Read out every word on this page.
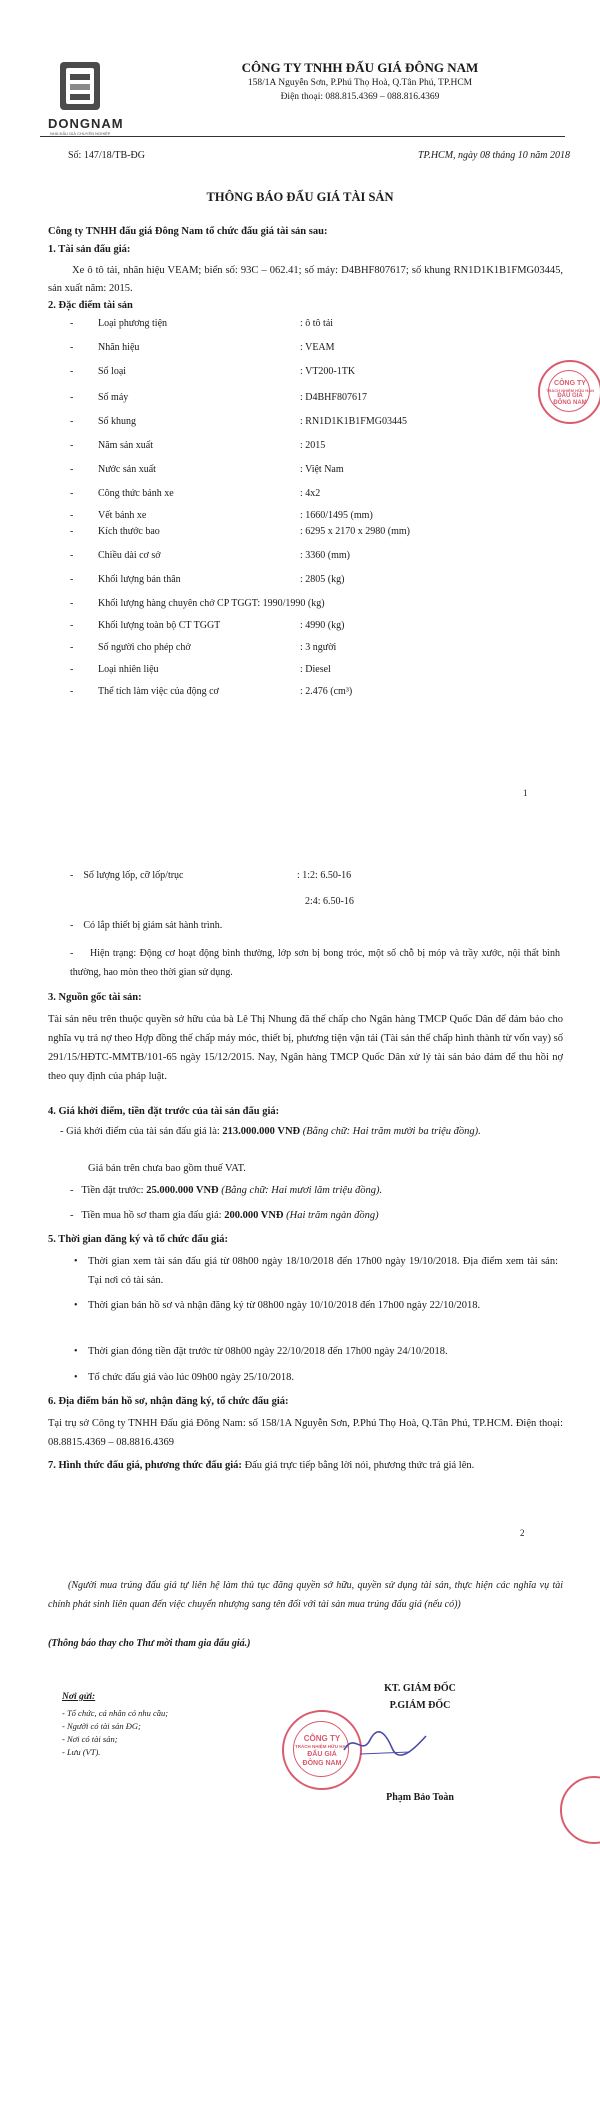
DONGNAM
NHÀ ĐẤU GIÁ CHUYÊN NGHIỆP
CÔNG TY TNHH ĐẤU GIÁ ĐÔNG NAM
158/1A Nguyễn Sơn, P.Phú Thọ Hoà, Q.Tân Phú, TP.HCM
Điện thoại: 088.815.4369 – 088.816.4369
Số: 147/18/TB-ĐG	TP.HCM, ngày 08 tháng 10 năm 2018
THÔNG BÁO ĐẤU GIÁ TÀI SẢN
Công ty TNHH đấu giá Đông Nam tổ chức đấu giá tài sản sau:
1. Tài sản đấu giá:
Xe ô tô tải, nhãn hiệu VEAM; biển số: 93C – 062.41; số máy: D4BHF807617; số khung RN1D1K1B1FMG03445, sản xuất năm: 2015.
2. Đặc điểm tài sản
- Loại phương tiện	: ô tô tải
- Nhãn hiệu	: VEAM
- Số loại	: VT200-1TK
- Số máy	: D4BHF807617
- Số khung	: RN1D1K1B1FMG03445
- Năm sản xuất	: 2015
- Nước sản xuất	: Việt Nam
- Công thức bánh xe	: 4x2
- Vết bánh xe	: 1660/1495 (mm)
- Kích thước bao	: 6295 x 2170 x 2980 (mm)
- Chiều dài cơ sở	: 3360 (mm)
- Khối lượng bản thân	: 2805 (kg)
- Khối lượng hàng chuyên chở CP TGGT: 1990/1990 (kg)
- Khối lượng toàn bộ CT TGGT	: 4990 (kg)
- Số người cho phép chở	: 3 người
- Loại nhiên liệu	: Diesel
- Thể tích làm việc của động cơ	: 2.476 (cm³)
CÔNG TY
TRÁCH NHIỆM HỮU HẠN
ĐẤU GIÁ
ĐÔNG NAM
1
-    Số lượng lốp, cỡ lốp/trục	: 1:2: 6.50-16
2:4: 6.50-16
-    Có lắp thiết bị giám sát hành trình.
- Hiện trạng: Động cơ hoạt động bình thường, lớp sơn bị bong tróc, một số chỗ bị móp và trầy xước, nội thất bình thường, hao mòn theo thời gian sử dụng.
3. Nguồn gốc tài sản:
Tài sản nêu trên thuộc quyền sở hữu của bà Lê Thị Nhung đã thế chấp cho Ngân hàng TMCP Quốc Dân để đảm bảo cho nghĩa vụ trả nợ theo Hợp đồng thế chấp máy móc, thiết bị, phương tiện vận tải (Tài sản thế chấp hình thành từ vốn vay) số 291/15/HĐTC-MMTB/101-65 ngày 15/12/2015. Nay, Ngân hàng TMCP Quốc Dân xử lý tài sản bảo đảm để thu hồi nợ theo quy định của pháp luật.
4. Giá khởi điểm, tiền đặt trước của tài sản đấu giá:
- Giá khởi điểm của tài sản đấu giá là: 213.000.000 VNĐ (Bằng chữ: Hai trăm mười ba triệu đồng).
Giá bán trên chưa bao gồm thuế VAT.
-   Tiền đặt trước: 25.000.000 VNĐ (Bằng chữ: Hai mươi lăm triệu đồng).
-   Tiền mua hồ sơ tham gia đấu giá: 200.000 VNĐ (Hai trăm ngàn đồng)
5. Thời gian đăng ký và tổ chức đấu giá:
• Thời gian xem tài sản đấu giá từ 08h00 ngày 18/10/2018 đến 17h00 ngày 19/10/2018. Địa điểm xem tài sản: Tại nơi có tài sản.
• Thời gian bán hồ sơ và nhận đăng ký từ 08h00 ngày 10/10/2018 đến 17h00 ngày 22/10/2018.
• Thời gian đóng tiền đặt trước từ 08h00 ngày 22/10/2018 đến 17h00 ngày 24/10/2018.
• Tổ chức đấu giá vào lúc 09h00 ngày 25/10/2018.
6. Địa điểm bán hồ sơ, nhận đăng ký, tổ chức đấu giá:
Tại trụ sở Công ty TNHH Đấu giá Đông Nam: số 158/1A Nguyễn Sơn, P.Phú Thọ Hoà, Q.Tân Phú, TP.HCM. Điện thoại: 08.8815.4369 – 08.8816.4369
7. Hình thức đấu giá, phương thức đấu giá: Đấu giá trực tiếp bằng lời nói, phương thức trả giá lên.
2
(Người mua trúng đấu giá tự liên hệ làm thủ tục đăng quyền sở hữu, quyền sử dụng tài sản, thực hiện các nghĩa vụ tài chính phát sinh liên quan đến việc chuyển nhượng sang tên đối với tài sản mua trúng đấu giá (nếu có))
(Thông báo thay cho Thư mời tham gia đấu giá.)
Nơi gửi:
- Tổ chức, cá nhân có nhu cầu;
- Người có tài sản ĐG;
- Nơi có tài sản;
- Lưu (VT).
KT. GIÁM ĐỐC
P.GIÁM ĐỐC
CÔNG TY
TRÁCH NHIỆM HỮU HẠN
ĐẤU GIÁ
ĐÔNG NAM
Phạm Bảo Toàn
